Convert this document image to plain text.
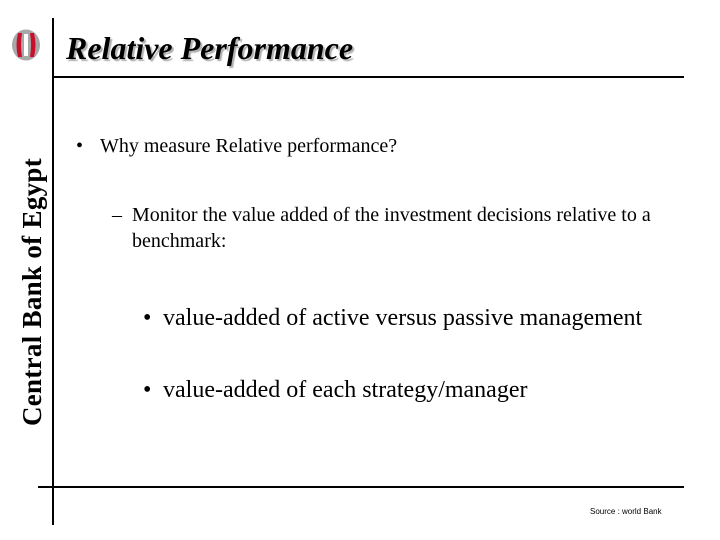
Central Bank of Egypt
Relative Performance
• Why measure Relative performance?
– Monitor the value added of the investment decisions relative to a benchmark:
• value-added of active versus passive management
• value-added of each strategy/manager
Source : world Bank
